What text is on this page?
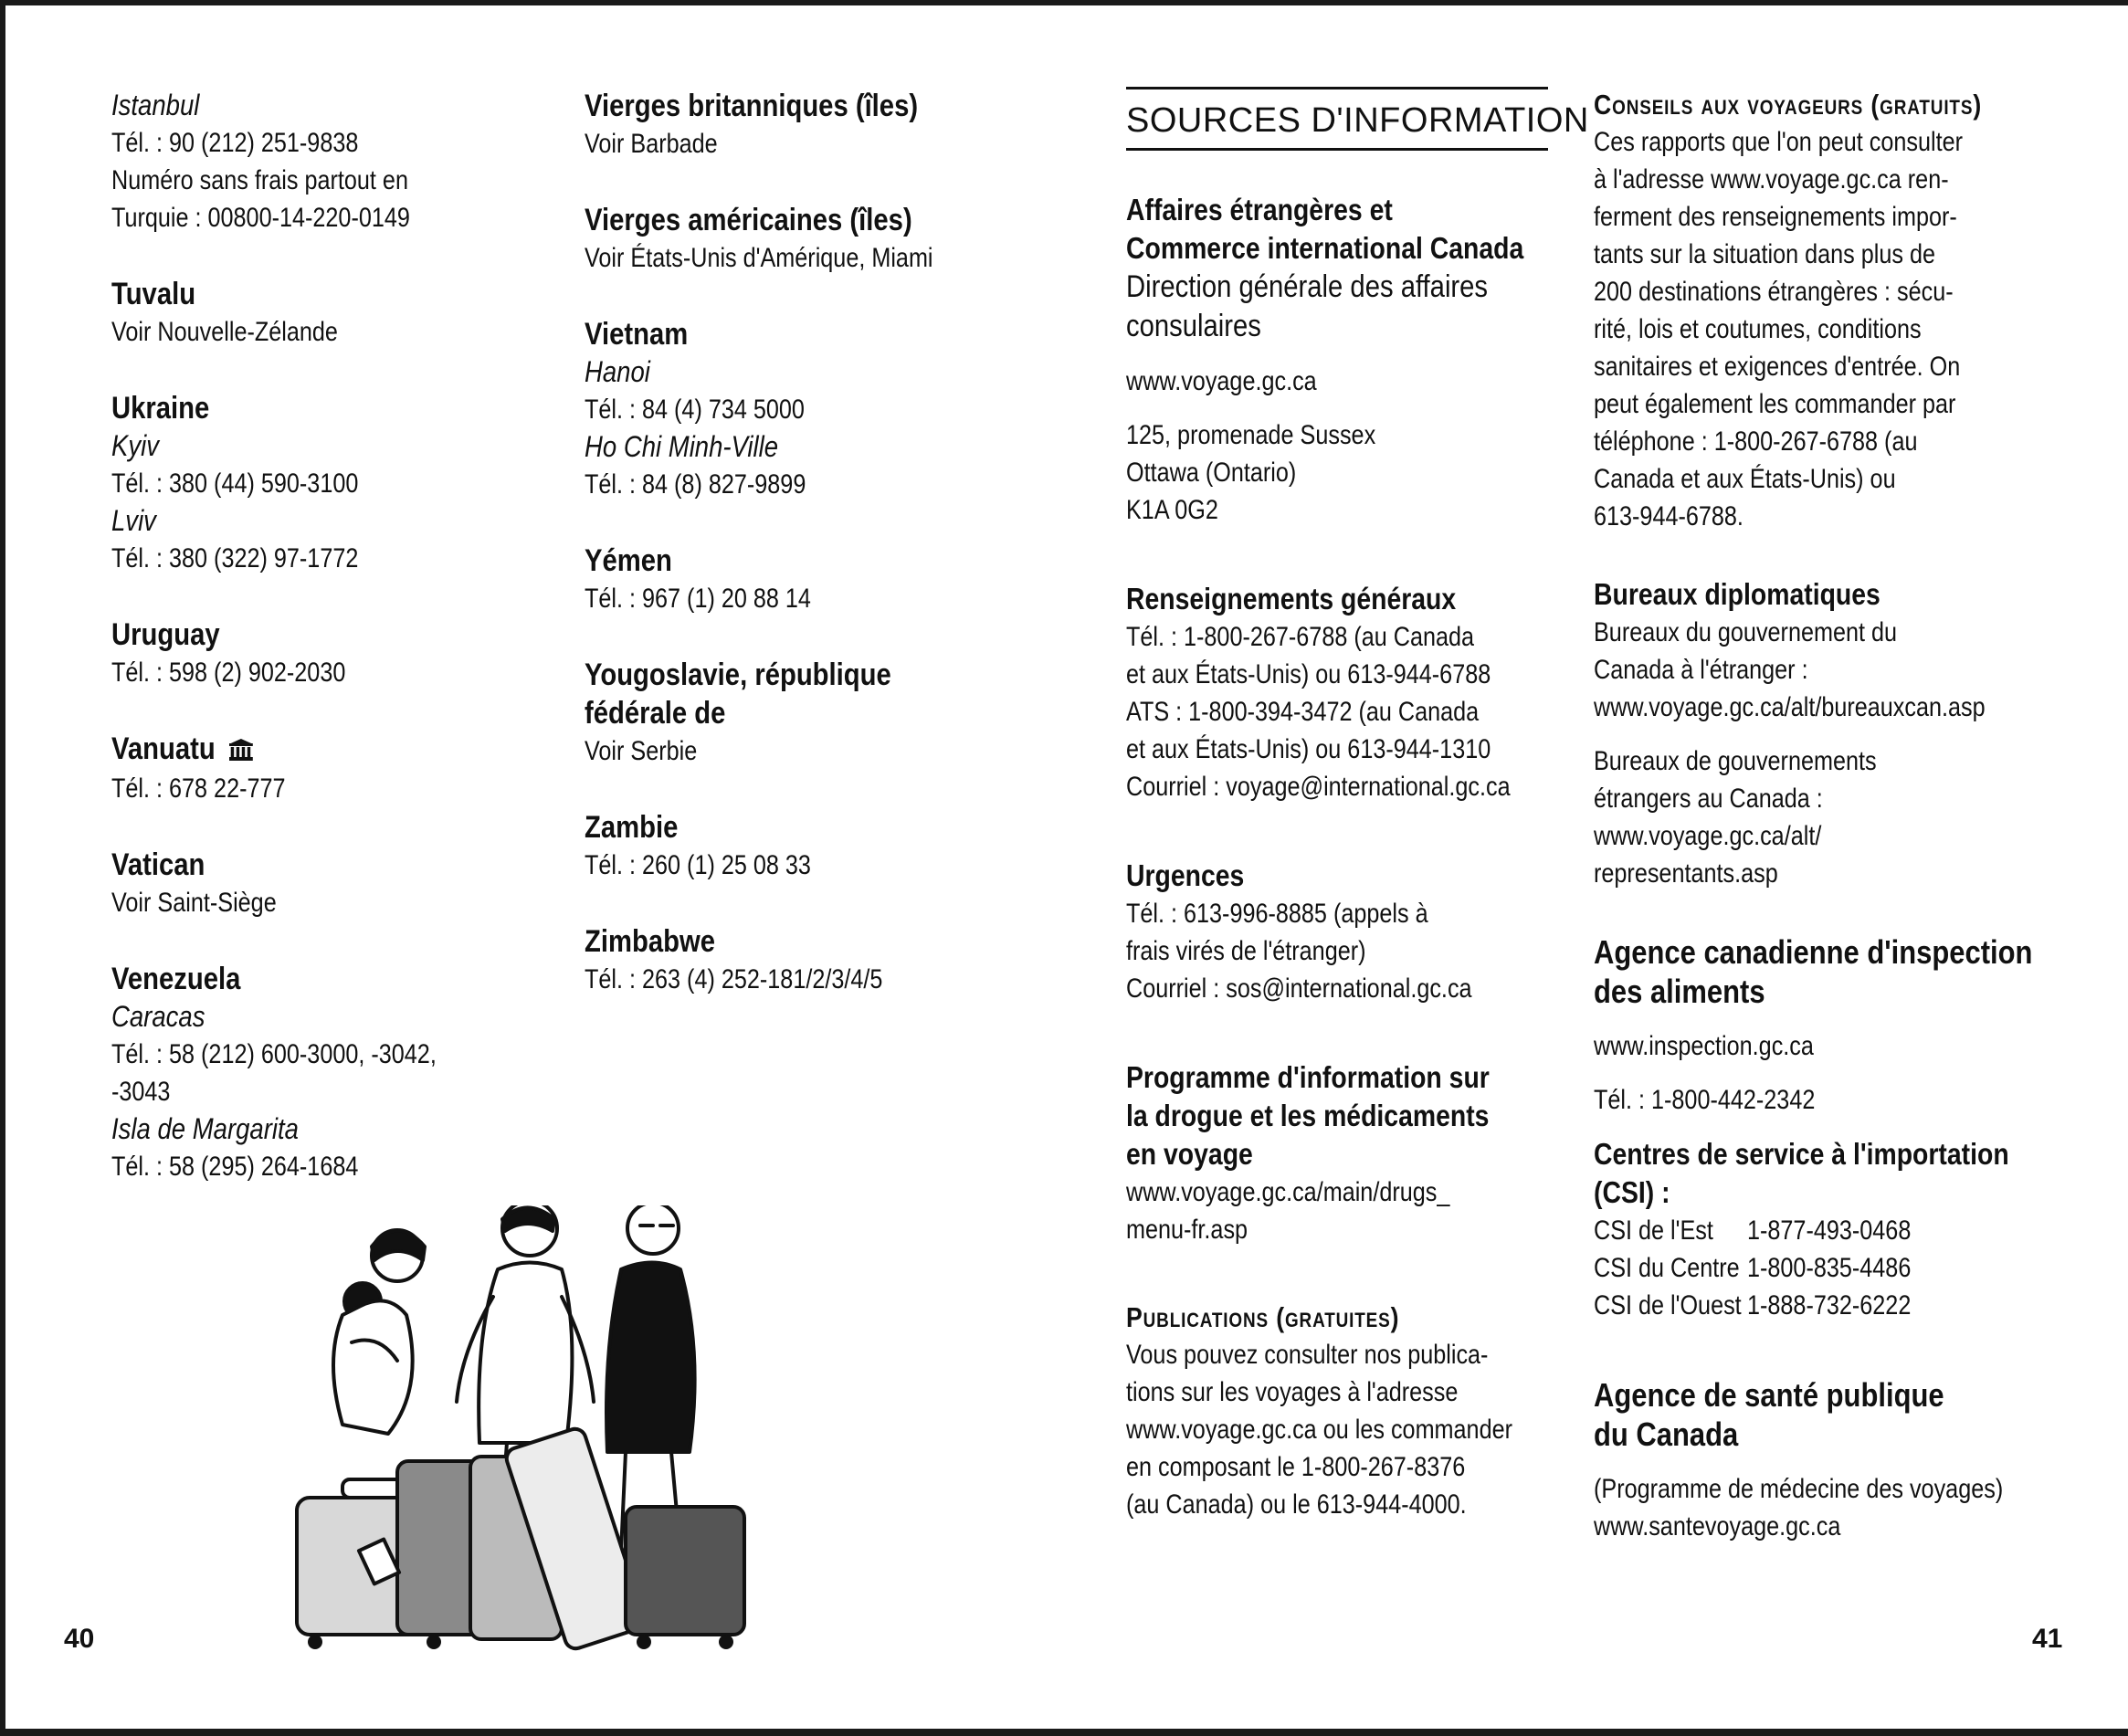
Istanbul
Tél. : 90 (212) 251-9838
Numéro sans frais partout en
Turquie : 00800-14-220-0149
Tuvalu
Voir Nouvelle-Zélande
Ukraine
Kyiv
Tél. : 380 (44) 590-3100
Lviv
Tél. : 380 (322) 97-1772
Uruguay
Tél. : 598 (2) 902-2030
Vanuatu
Tél. : 678 22-777
Vatican
Voir Saint-Siège
Venezuela
Caracas
Tél. : 58 (212) 600-3000, -3042,
-3043
Isla de Margarita
Tél. : 58 (295) 264-1684
Vierges britanniques (îles)
Voir Barbade
Vierges américaines (îles)
Voir États-Unis d'Amérique, Miami
Vietnam
Hanoi
Tél. : 84 (4) 734 5000
Ho Chi Minh-Ville
Tél. : 84 (8) 827-9899
Yémen
Tél. : 967 (1) 20 88 14
Yougoslavie, république
fédérale de
Voir Serbie
Zambie
Tél. : 260 (1) 25 08 33
Zimbabwe
Tél. : 263 (4) 252-181/2/3/4/5
SOURCES D'INFORMATION
Affaires étrangères et
Commerce international Canada
Direction générale des affaires
consulaires
www.voyage.gc.ca
125, promenade Sussex
Ottawa (Ontario)
K1A 0G2
Renseignements généraux
Tél. : 1-800-267-6788 (au Canada
et aux États-Unis) ou 613-944-6788
ATS : 1-800-394-3472 (au Canada
et aux États-Unis) ou 613-944-1310
Courriel : voyage@international.gc.ca
Urgences
Tél. : 613-996-8885 (appels à
frais virés de l'étranger)
Courriel : sos@international.gc.ca
Programme d'information sur
la drogue et les médicaments
en voyage
www.voyage.gc.ca/main/drugs_
menu-fr.asp
Publications (gratuites)
Vous pouvez consulter nos publica-
tions sur les voyages à l'adresse
www.voyage.gc.ca ou les commander
en composant le 1-800-267-8376
(au Canada) ou le 613-944-4000.
Conseils aux voyageurs (gratuits)
Ces rapports que l'on peut consulter
à l'adresse www.voyage.gc.ca ren-
ferment des renseignements impor-
tants sur la situation dans plus de
200 destinations étrangères : sécu-
rité, lois et coutumes, conditions
sanitaires et exigences d'entrée. On
peut également les commander par
téléphone : 1-800-267-6788 (au
Canada et aux États-Unis) ou
613-944-6788.
Bureaux diplomatiques
Bureaux du gouvernement du
Canada à l'étranger :
www.voyage.gc.ca/alt/bureauxcan.asp
Bureaux de gouvernements
étrangers au Canada :
www.voyage.gc.ca/alt/
representants.asp
Agence canadienne d'inspection
des aliments
www.inspection.gc.ca
Tél. : 1-800-442-2342
Centres de service à l'importation
(CSI) :
CSI de l'Est	1-877-493-0468
CSI du Centre 1-800-835-4486
CSI de l'Ouest 1-888-732-6222
Agence de santé publique
du Canada
(Programme de médecine des voyages)
www.santevoyage.gc.ca
40	41
